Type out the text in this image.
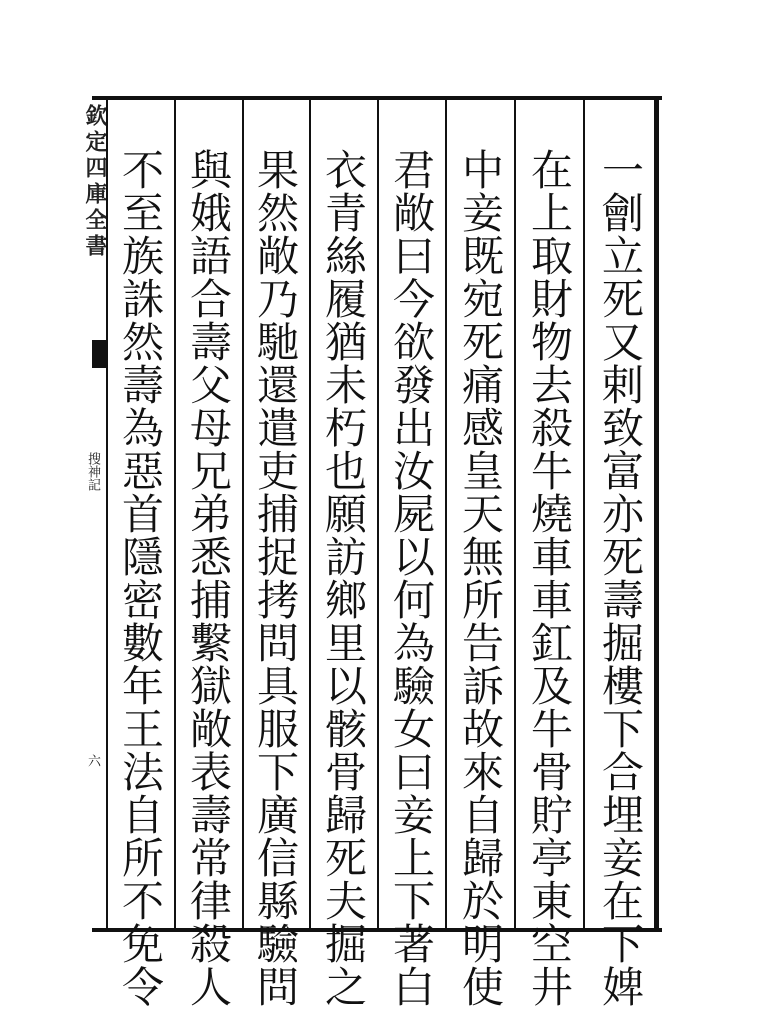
欽定四庫全書
搜神記
六	一劊立死又剌致富亦死壽掘樓下合埋妾在下婢
在上取財物去殺牛燒車車釭及牛骨貯亭東空井
中妾既宛死痛感皇天無所告訴故來自歸於明使
君敞曰今欲發出汝屍以何為驗女曰妾上下著白
衣青絲履猶未朽也願訪鄉里以骸骨歸死夫掘之
果然敞乃馳還遣吏捕捉拷問具服下廣信縣驗問
與娥語合壽父母兄弟悉捕繫獄敞表壽常律殺人
不至族誅然壽為惡首隱密數年王法自所不免令
